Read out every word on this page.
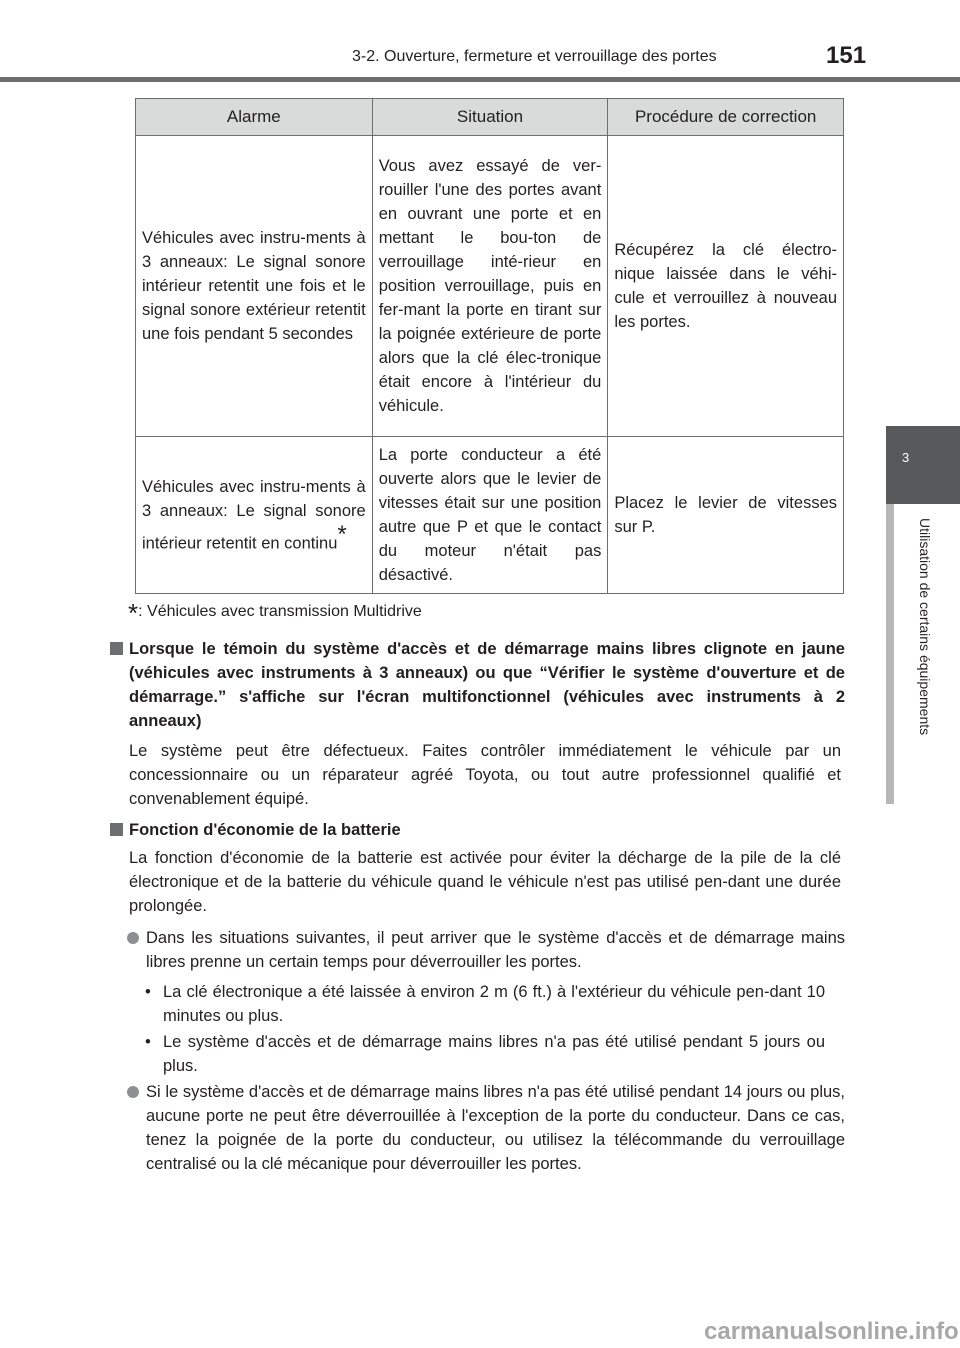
3-2. Ouverture, fermeture et verrouillage des portes	151
3
Utilisation de certains équipements
Alarme	Situation	Procédure de correction
Véhicules avec instru-ments à 3 anneaux: Le signal sonore intérieur retentit une fois et le signal sonore extérieur retentit une fois pendant 5 secondes	Vous avez essayé de ver-rouiller l'une des portes avant en ouvrant une porte et en mettant le bou-ton de verrouillage inté-rieur en position verrouillage, puis en fer-mant la porte en tirant sur la poignée extérieure de porte alors que la clé élec-tronique était encore à l'intérieur du véhicule.	Récupérez la clé électro-nique laissée dans le véhi-cule et verrouillez à nouveau les portes.
Véhicules avec instru-ments à 3 anneaux: Le signal sonore intérieur retentit en continu*	La porte conducteur a été ouverte alors que le levier de vitesses était sur une position autre que P et que le contact du moteur n'était pas désactivé.	Placez le levier de vitesses sur P.
*: Véhicules avec transmission Multidrive
Lorsque le témoin du système d'accès et de démarrage mains libres clignote en jaune (véhicules avec instruments à 3 anneaux) ou que “Vérifier le système d'ouverture et de démarrage.” s'affiche sur l'écran multifonctionnel (véhicules avec instruments à 2 anneaux)
Le système peut être défectueux. Faites contrôler immédiatement le véhicule par un concessionnaire ou un réparateur agréé Toyota, ou tout autre professionnel qualifié et convenablement équipé.
Fonction d'économie de la batterie
La fonction d'économie de la batterie est activée pour éviter la décharge de la pile de la clé électronique et de la batterie du véhicule quand le véhicule n'est pas utilisé pen-dant une durée prolongée.
Dans les situations suivantes, il peut arriver que le système d'accès et de démarrage mains libres prenne un certain temps pour déverrouiller les portes.
• La clé électronique a été laissée à environ 2 m (6 ft.) à l'extérieur du véhicule pen-dant 10 minutes ou plus.
• Le système d'accès et de démarrage mains libres n'a pas été utilisé pendant 5 jours ou plus.
Si le système d'accès et de démarrage mains libres n'a pas été utilisé pendant 14 jours ou plus, aucune porte ne peut être déverrouillée à l'exception de la porte du conducteur. Dans ce cas, tenez la poignée de la porte du conducteur, ou utilisez la télécommande du verrouillage centralisé ou la clé mécanique pour déverrouiller les portes.
carmanualsonline.info
